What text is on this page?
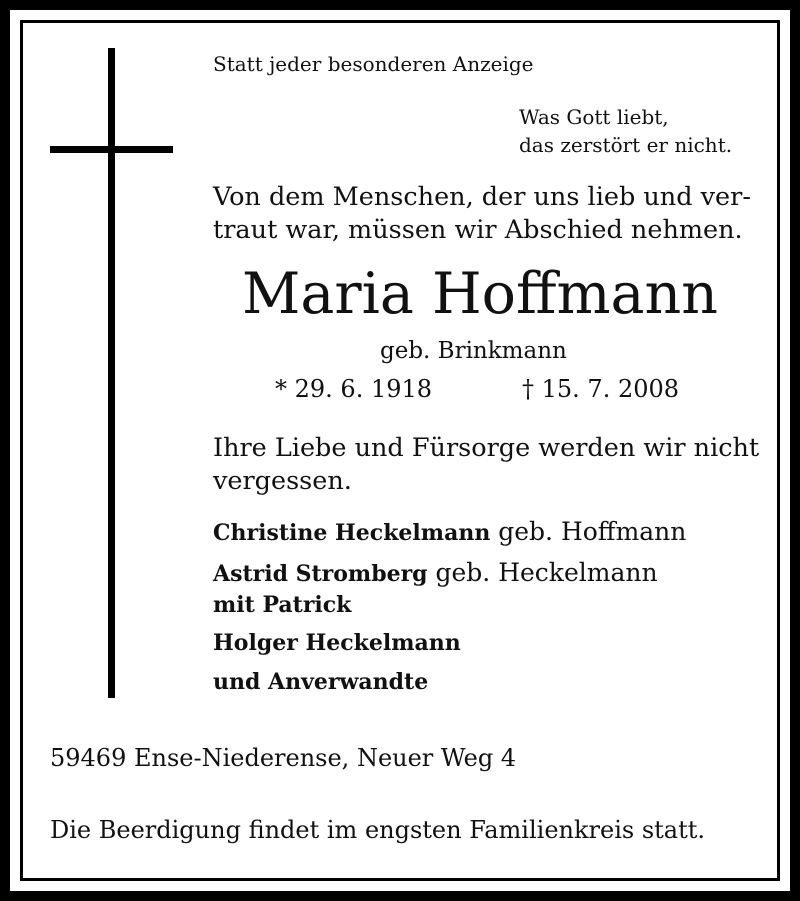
Statt jeder besonderen Anzeige
Was Gott liebt,
das zerstört er nicht.
Von dem Menschen, der uns lieb und ver-
traut war, müssen wir Abschied nehmen.
Maria Hoffmann
geb. Brinkmann
* 29. 6. 1918	† 15. 7. 2008
Ihre Liebe und Fürsorge werden wir nicht
vergessen.
Christine Heckelmann geb. Hoffmann
Astrid Stromberg geb. Heckelmann
mit Patrick
Holger Heckelmann
und Anverwandte
59469 Ense-Niederense, Neuer Weg 4
Die Beerdigung findet im engsten Familienkreis statt.
